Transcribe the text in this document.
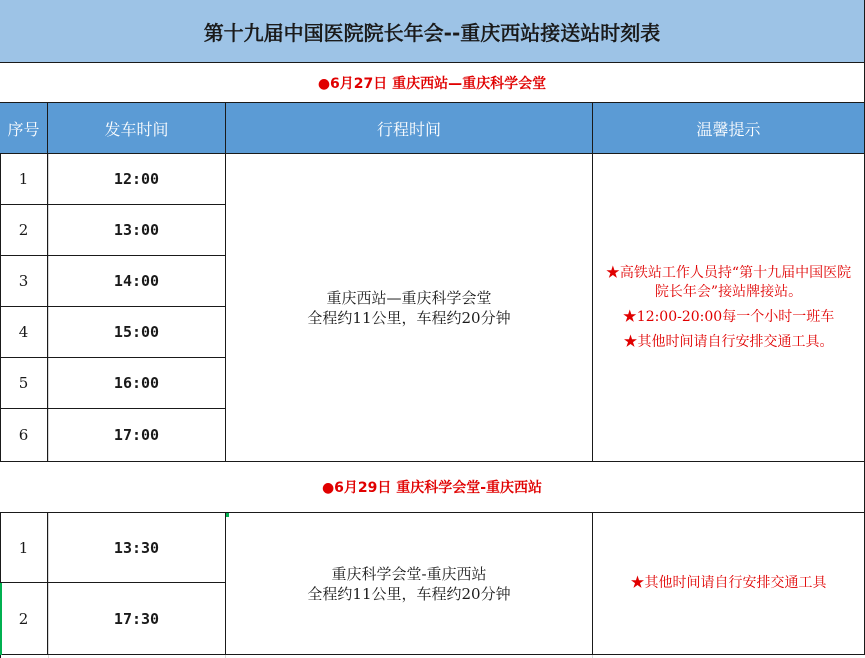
第十九届中国医院院长年会--重庆西站接送站时刻表
●6月27日 重庆西站—重庆科学会堂
序号	发车时间	行程时间	温馨提示
1	12:00
2	13:00
3	14:00
4	15:00
5	16:00
6	17:00
重庆西站—重庆科学会堂
全程约11公里，车程约20分钟
★高铁站工作人员持“第十九届中国医院院长年会”接站牌接站。
★12:00-20:00每一个小时一班车
★其他时间请自行安排交通工具。
●6月29日 重庆科学会堂-重庆西站
1	13:30
2	17:30
重庆科学会堂-重庆西站
全程约11公里，车程约20分钟
★其他时间请自行安排交通工具
